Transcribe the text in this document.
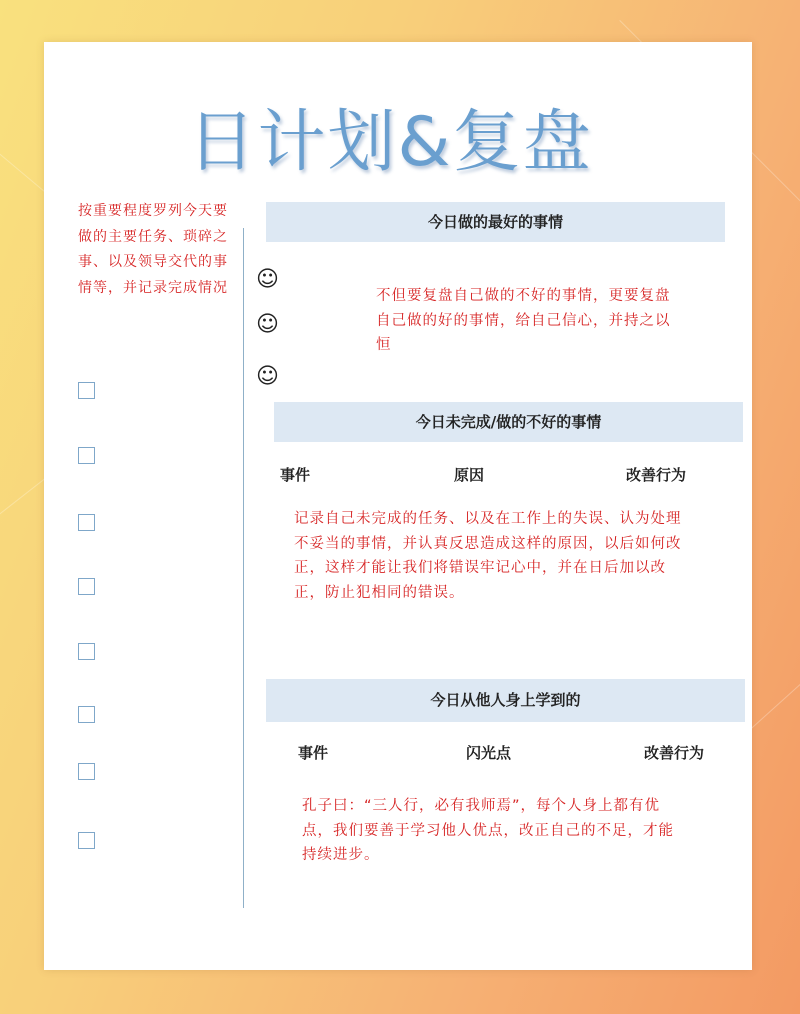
日计划&复盘
按重要程度罗列今天要做的主要任务、琐碎之事、以及领导交代的事情等，并记录完成情况	☺
☺
☺
今日做的最好的事情
不但要复盘自己做的不好的事情，更要复盘自己做的好的事情，给自己信心，并持之以恒
今日未完成/做的不好的事情
事件	原因	改善行为
记录自己未完成的任务、以及在工作上的失误、认为处理不妥当的事情，并认真反思造成这样的原因，以后如何改正，这样才能让我们将错误牢记心中，并在日后加以改正，防止犯相同的错误。
今日从他人身上学到的
事件	闪光点	改善行为
孔子曰：“三人行，必有我师焉”，每个人身上都有优点，我们要善于学习他人优点，改正自己的不足，才能持续进步。
